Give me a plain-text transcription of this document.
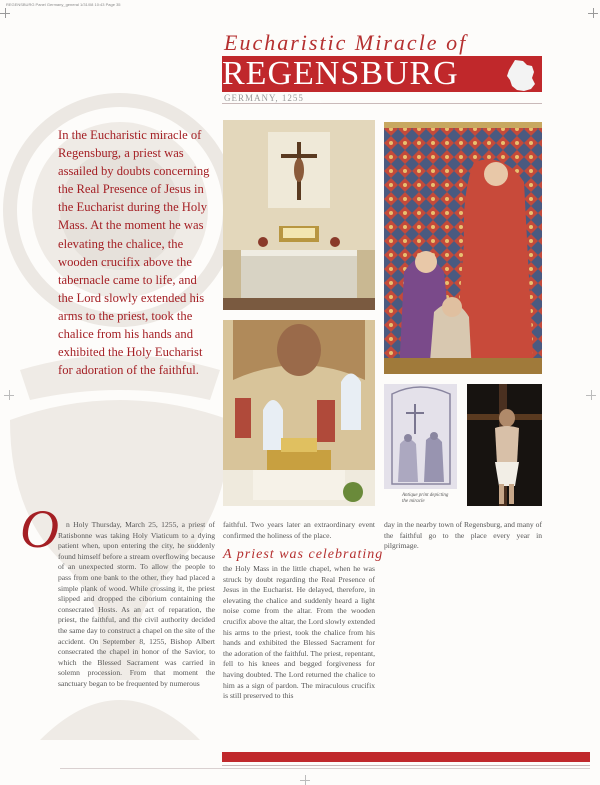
REGENSBURG Panel Germany_general 1/31/08 10:43 Page 35
Eucharistic Miracle of
REGENSBURG
GERMANY, 1255

In the Eucharistic miracle of Regensburg, a priest was assailed by doubts concerning the Real Presence of Jesus in the Eucharist during the Holy Mass. At the moment he was elevating the chalice, the wooden crucifix above the tabernacle came to life, and the Lord slowly extended his arms to the priest, took the chalice from his hands and exhibited the Holy Eucharist for adoration of the faithful.

Antique print depicting the miracle
O n Holy Thursday, March 25, 1255, a priest of Ratisbonne was taking Holy Viaticum to a dying patient when, upon entering the city, he suddenly found himself before a stream overflowing because of an unexpected storm. To allow the people to pass from one bank to the other, they had placed a simple plank of wood. While crossing it, the priest slipped and dropped the ciborium containing the consecrated Hosts. As an act of reparation, the priest, the faithful, and the civil authority decided the same day to construct a chapel on the site of the accident. On September 8, 1255, Bishop Albert consecrated the chapel in honor of the Savior, to which the Blessed Sacrament was carried in solemn procession. From that moment the sanctuary began to be frequented by numerous

faithful. Two years later an extraordinary event confirmed the holiness of the place.

A priest was celebrating

the Holy Mass in the little chapel, when he was struck by doubt regarding the Real Presence of Jesus in the Eucharist. He delayed, therefore, in elevating the chalice and suddenly heard a light noise come from the altar. From the wooden crucifix above the altar, the Lord slowly extended his arms to the priest, took the chalice from his hands and exhibited the Blessed Sacrament for the adoration of the faithful. The priest, repentant, fell to his knees and begged forgiveness for having doubted. The Lord returned the chalice to him as a sign of pardon. The miraculous crucifix is still preserved to this

day in the nearby town of Regensburg, and many of the faithful go to the place every year in pilgrimage.
